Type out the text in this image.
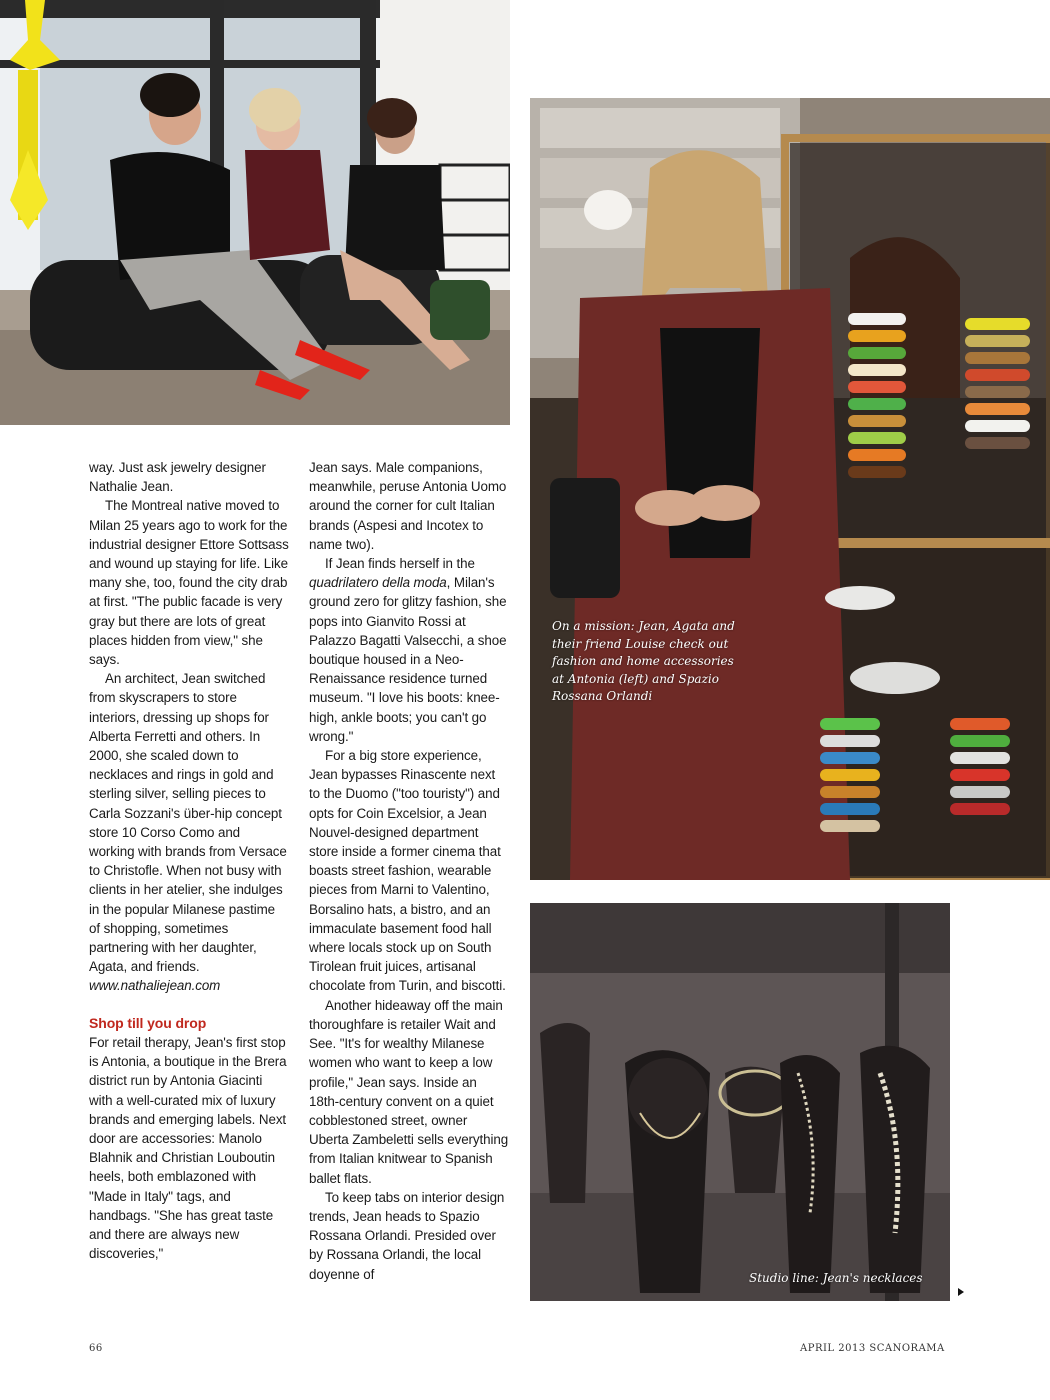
On a mission: Jean, Agata and their friend Louise check out fashion and home accessories at Antonia (left) and Spazio Rossana Orlandi
Studio line: Jean's necklaces

way. Just ask jewelry designer Nathalie Jean.

The Montreal native moved to Milan 25 years ago to work for the industrial designer Ettore Sottsass and wound up staying for life. Like many she, too, found the city drab at first. "The public facade is very gray but there are lots of great places hidden from view," she says.

An architect, Jean switched from skyscrapers to store interiors, dressing up shops for Alberta Ferretti and others. In 2000, she scaled down to necklaces and rings in gold and sterling silver, selling pieces to Carla Sozzani's über-hip concept store 10 Corso Como and working with brands from Versace to Christofle. When not busy with clients in her atelier, she indulges in the popular Milanese pastime of shopping, sometimes partnering with her daughter, Agata, and friends.

www.nathaliejean.com

Shop till you drop

For retail therapy, Jean's first stop is Antonia, a boutique in the Brera district run by Antonia Giacinti with a well-curated mix of luxury brands and emerging labels. Next door are accessories: Manolo Blahnik and Christian Louboutin heels, both emblazoned with "Made in Italy" tags, and handbags. "She has great taste and there are always new discoveries,"

Jean says. Male companions, meanwhile, peruse Antonia Uomo around the corner for cult Italian brands (Aspesi and Incotex to name two).

If Jean finds herself in the quadrilatero della moda, Milan's ground zero for glitzy fashion, she pops into Gianvito Rossi at Palazzo Bagatti Valsecchi, a shoe boutique housed in a Neo-Renaissance residence turned museum. "I love his boots: knee-high, ankle boots; you can't go wrong."

For a big store experience, Jean bypasses Rinascente next to the Duomo ("too touristy") and opts for Coin Excelsior, a Jean Nouvel-designed department store inside a former cinema that boasts street fashion, wearable pieces from Marni to Valentino, Borsalino hats, a bistro, and an immaculate basement food hall where locals stock up on South Tirolean fruit juices, artisanal chocolate from Turin, and biscotti.

Another hideaway off the main thoroughfare is retailer Wait and See. "It's for wealthy Milanese women who want to keep a low profile," Jean says. Inside an 18th-century convent on a quiet cobblestoned street, owner Uberta Zambeletti sells everything from Italian knitwear to Spanish ballet flats.

To keep tabs on interior design trends, Jean heads to Spazio Rossana Orlandi. Presided over by Rossana Orlandi, the local doyenne of

66	APRIL 2013 SCANORAMA
